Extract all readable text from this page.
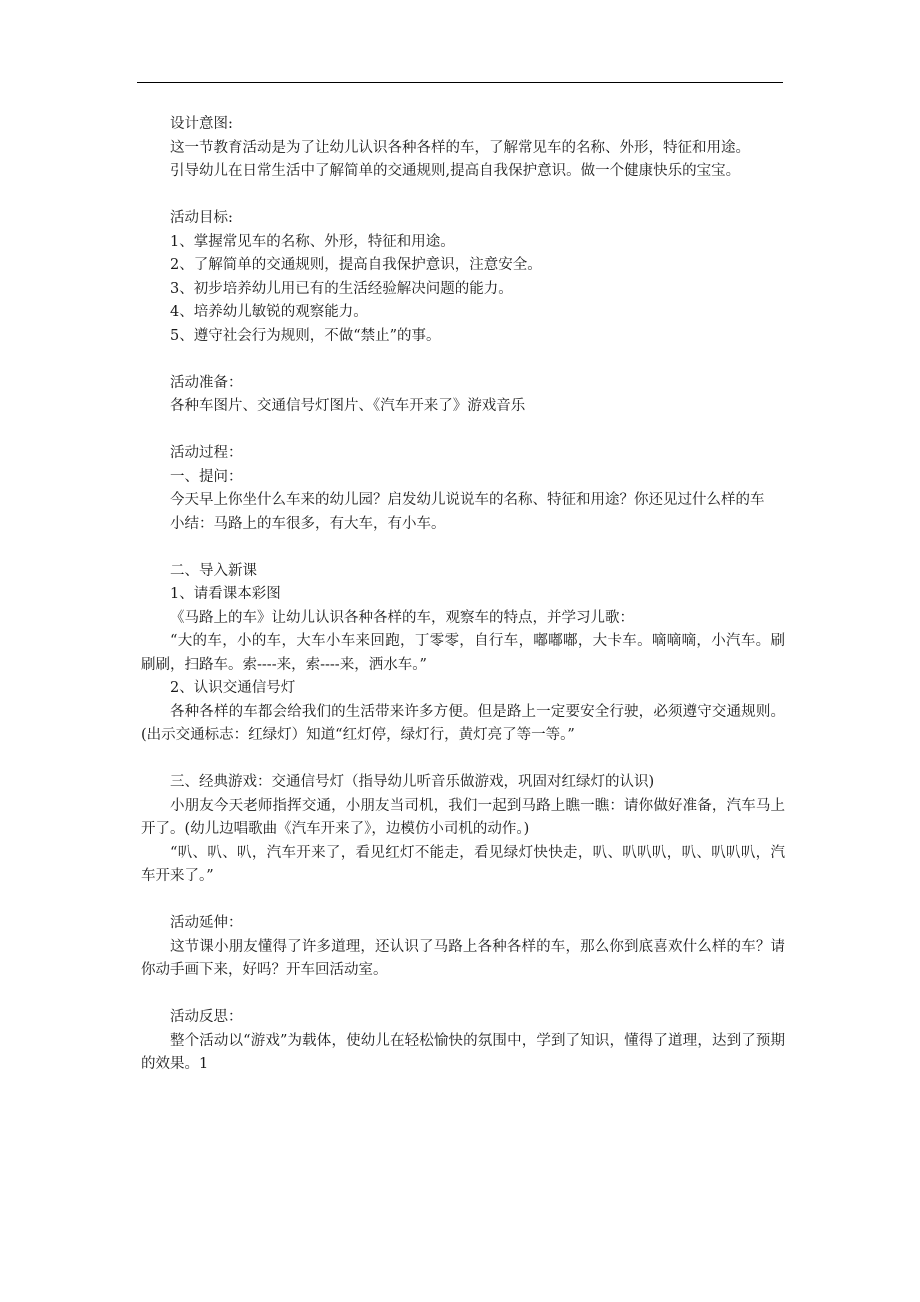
设计意图:

这一节教育活动是为了让幼儿认识各种各样的车，了解常见车的名称、外形，特征和用途。

引导幼儿在日常生活中了解简单的交通规则,提高自我保护意识。做一个健康快乐的宝宝。

活动目标:

1、掌握常见车的名称、外形，特征和用途。

2、了解简单的交通规则，提高自我保护意识，注意安全。

3、初步培养幼儿用已有的生活经验解决问题的能力。

4、培养幼儿敏锐的观察能力。

5、遵守社会行为规则，不做“禁止”的事。

活动准备：

各种车图片、交通信号灯图片、《汽车开来了》游戏音乐

活动过程：

一、提问：

今天早上你坐什么车来的幼儿园？启发幼儿说说车的名称、特征和用途？你还见过什么样的车

小结：马路上的车很多，有大车，有小车。

二、导入新课

1、请看课本彩图

《马路上的车》让幼儿认识各种各样的车，观察车的特点，并学习儿歌：

“大的车，小的车，大车小车来回跑，丁零零，自行车，嘟嘟嘟，大卡车。嘀嘀嘀，小汽车。刷刷刷，扫路车。索----来，索----来，洒水车。”

2、认识交通信号灯

各种各样的车都会给我们的生活带来许多方便。但是路上一定要安全行驶，必须遵守交通规则。(出示交通标志：红绿灯）知道“红灯停，绿灯行，黄灯亮了等一等。”

三、经典游戏：交通信号灯（指导幼儿听音乐做游戏，巩固对红绿灯的认识)

小朋友今天老师指挥交通，小朋友当司机，我们一起到马路上瞧一瞧：请你做好准备，汽车马上开了。(幼儿边唱歌曲《汽车开来了》，边模仿小司机的动作。)

“叭、叭、叭，汽车开来了，看见红灯不能走，看见绿灯快快走，叭、叭叭叭，叭、叭叭叭，汽车开来了。”

活动延伸：

这节课小朋友懂得了许多道理，还认识了马路上各种各样的车，那么你到底喜欢什么样的车？请你动手画下来，好吗？开车回活动室。

活动反思：

整个活动以“游戏”为载体，使幼儿在轻松愉快的氛围中，学到了知识，懂得了道理，达到了预期的效果。1
